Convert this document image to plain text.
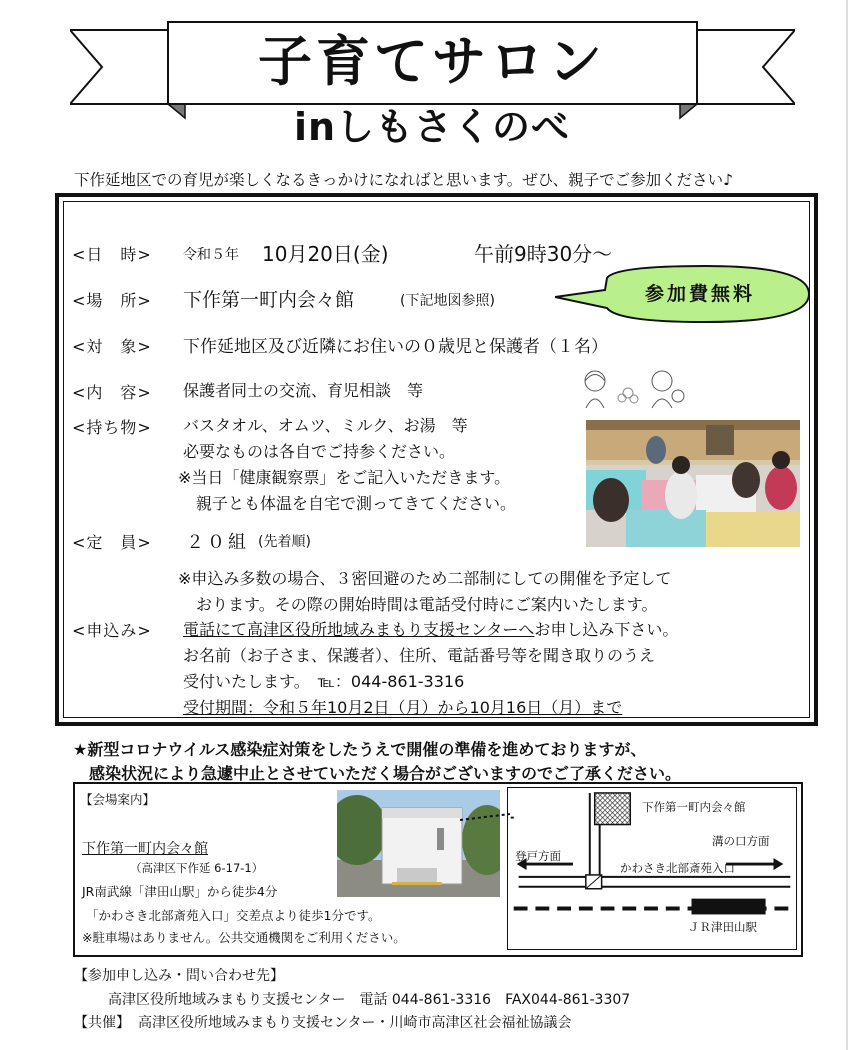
子育てサロン
inしもさくのべ
下作延地区での育児が楽しくなるきっかけになればと思います。ぜひ、親子でご参加ください♪
<日　時> 令和５年 10月20日(金)	午前9時30分〜
<場　所> 下作第一町内会々館	(下記地図参照)	参加費無料
<対　象> 下作延地区及び近隣にお住いの０歳児と保護者（１名）
<内　容> 保護者同士の交流、育児相談　等
<持ち物> バスタオル、オムツ、ミルク、お湯　等
必要なものは各自でご持参ください。
※当日「健康観察票」をご記入いただきます。
親子とも体温を自宅で測ってきてください。
<定　員> ２０組 (先着順)
※申込み多数の場合、３密回避のため二部制にしての開催を予定して
おります。その際の開始時間は電話受付時にご案内いたします。
<申込み> 電話にて高津区役所地域みまもり支援センターへお申し込み下さい。
お名前（お子さま、保護者）、住所、電話番号等を聞き取りのうえ
受付いたします。　℡：044-861-3316
受付期間：令和５年10月2日（月）から10月16日（月）まで
★新型コロナウイルス感染症対策をしたうえで開催の準備を進めておりますが、
感染状況により急遽中止とさせていただく場合がございますのでご了承ください。
【会場案内】
下作第一町内会々館
（高津区下作延 6-17-1）
JR南武線「津田山駅」から徒歩4分
「かわさき北部斎苑入口」交差点より徒歩1分です。
※駐車場はありません。公共交通機関をご利用ください。
下作第一町内会々館
溝の口方面
登戸方面
かわさき北部斎苑入口
ＪＲ津田山駅
【参加申し込み・問い合わせ先】
高津区役所地域みまもり支援センター　電話 044-861-3316　FAX044-861-3307
【共催】 高津区役所地域みまもり支援センター・川崎市高津区社会福祉協議会
